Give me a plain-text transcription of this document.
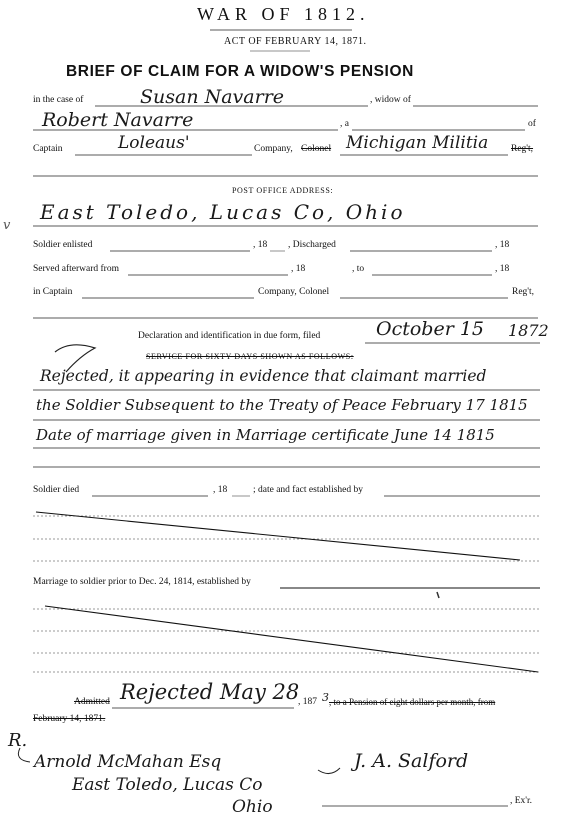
WAR OF 1812.
ACT OF FEBRUARY 14, 1871.
BRIEF OF CLAIM FOR A WIDOW'S PENSION
in the case of	Susan Navarre	, widow of
Robert Navarre	, a	of
Captain	Loleaus'	Company, Colonel Michigan Militia Reg't,
POST OFFICE ADDRESS:
East Toledo, Lucas Co, Ohio
Soldier enlisted	, 18 , Discharged	, 18
Served afterward from	, 18	, to	, 18
in Captain	Company, Colonel	Reg't,
Declaration and identification in due form, filed	October 15 1872
SERVICE FOR SIXTY DAYS SHOWN AS FOLLOWS:
Rejected, it appearing in evidence that claimant married
the Soldier Subsequent to the Treaty of Peace February 17 1815
Date of marriage given in Marriage certificate June 14 1815
Soldier died	, 18	; date and fact established by
Marriage to soldier prior to Dec. 24, 1814, established by
Admitted Rejected May 28
, 187 3 , to a Pension of eight dollars per month, from
February 14, 1871.
R.
Arnold McMahan Esq
East Toledo, Lucas Co
Ohio
J. A. Salford
, Ex'r.
v
